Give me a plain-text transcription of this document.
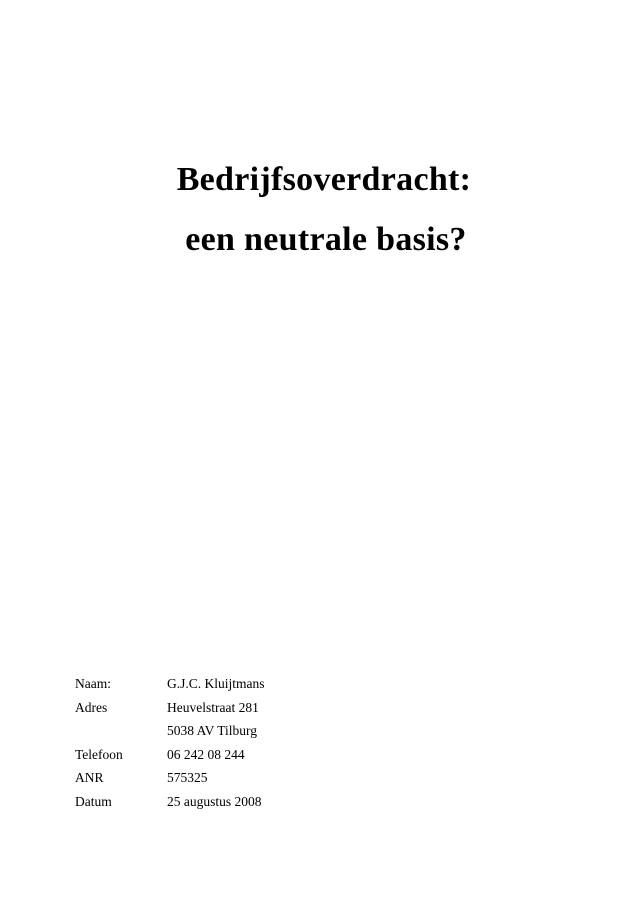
Bedrijfsoverdracht:
een neutrale basis?
Naam:	G.J.C. Kluijtmans
Adres	Heuvelstraat 281
5038 AV Tilburg
Telefoon	06 242 08 244
ANR	575325
Datum	25 augustus 2008
